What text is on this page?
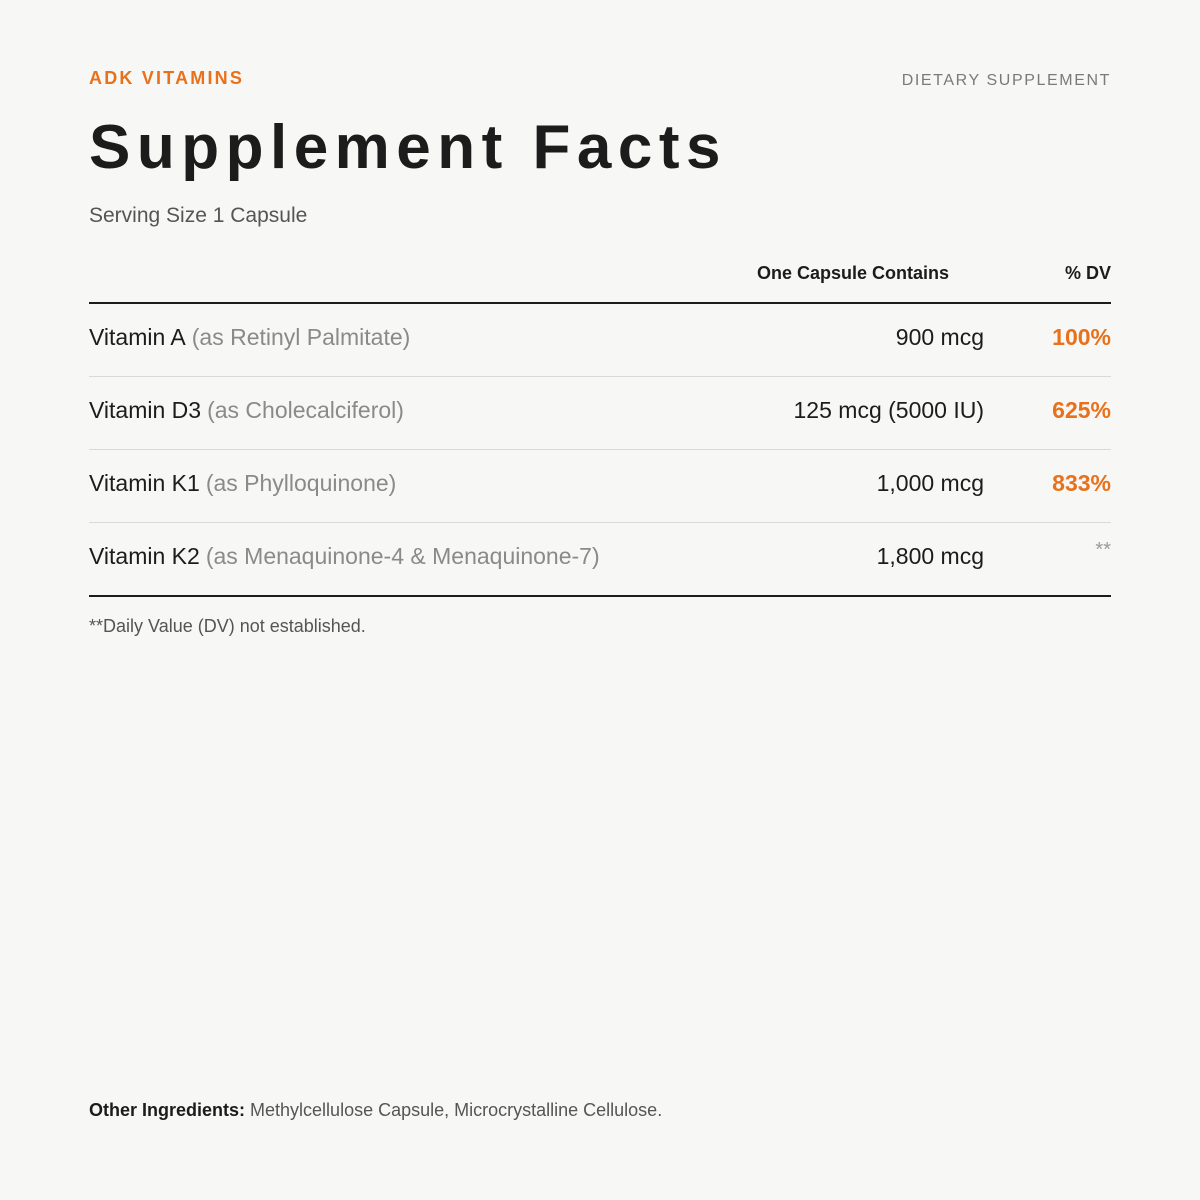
ADK VITAMINS	DIETARY SUPPLEMENT
Supplement Facts
Serving Size 1 Capsule
One Capsule Contains	% DV
Vitamin A (as Retinyl Palmitate)	900 mcg	100%
Vitamin D3 (as Cholecalciferol)	125 mcg (5000 IU)	625%
Vitamin K1 (as Phylloquinone)	1,000 mcg	833%
Vitamin K2 (as Menaquinone-4 & Menaquinone-7)	1,800 mcg	**
**Daily Value (DV) not established.
Other Ingredients: Methylcellulose Capsule, Microcrystalline Cellulose.
